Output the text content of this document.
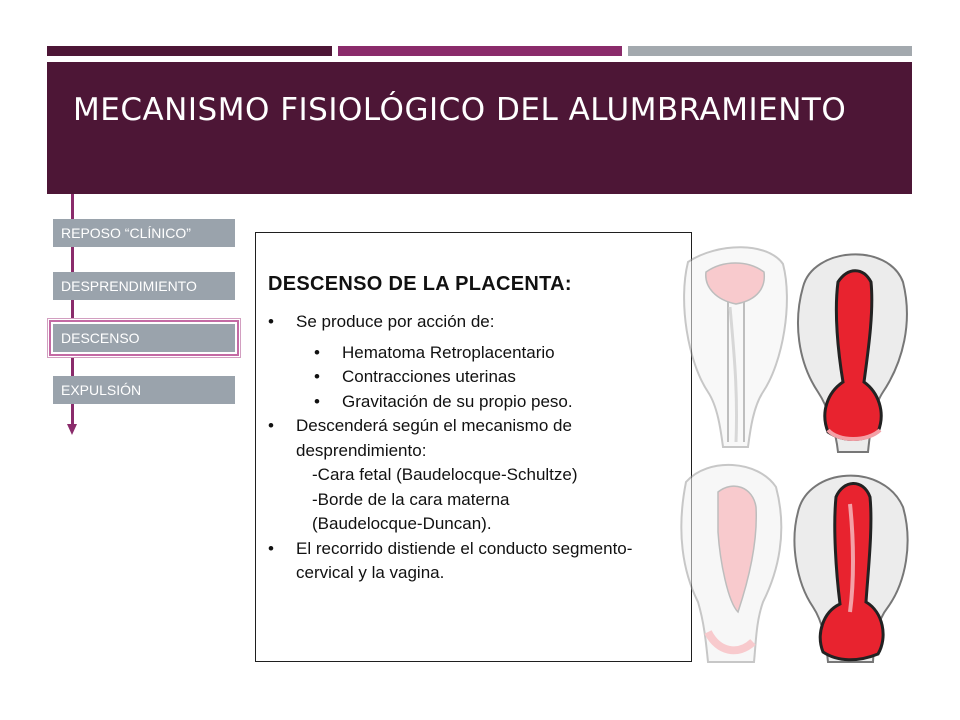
MECANISMO FISIOLÓGICO DEL ALUMBRAMIENTO
REPOSO “CLÍNICO”
DESPRENDIMIENTO
DESCENSO
EXPULSIÓN
DESCENSO DE LA PLACENTA:
• Se produce por acción de:
• Hematoma Retroplacentario
• Contracciones uterinas
• Gravitación de su propio peso.
• Descenderá según el mecanismo de desprendimiento:
-Cara fetal (Baudelocque-Schultze)
-Borde de la cara materna
(Baudelocque-Duncan).
• El recorrido distiende el conducto segmento-cervical y la vagina.
